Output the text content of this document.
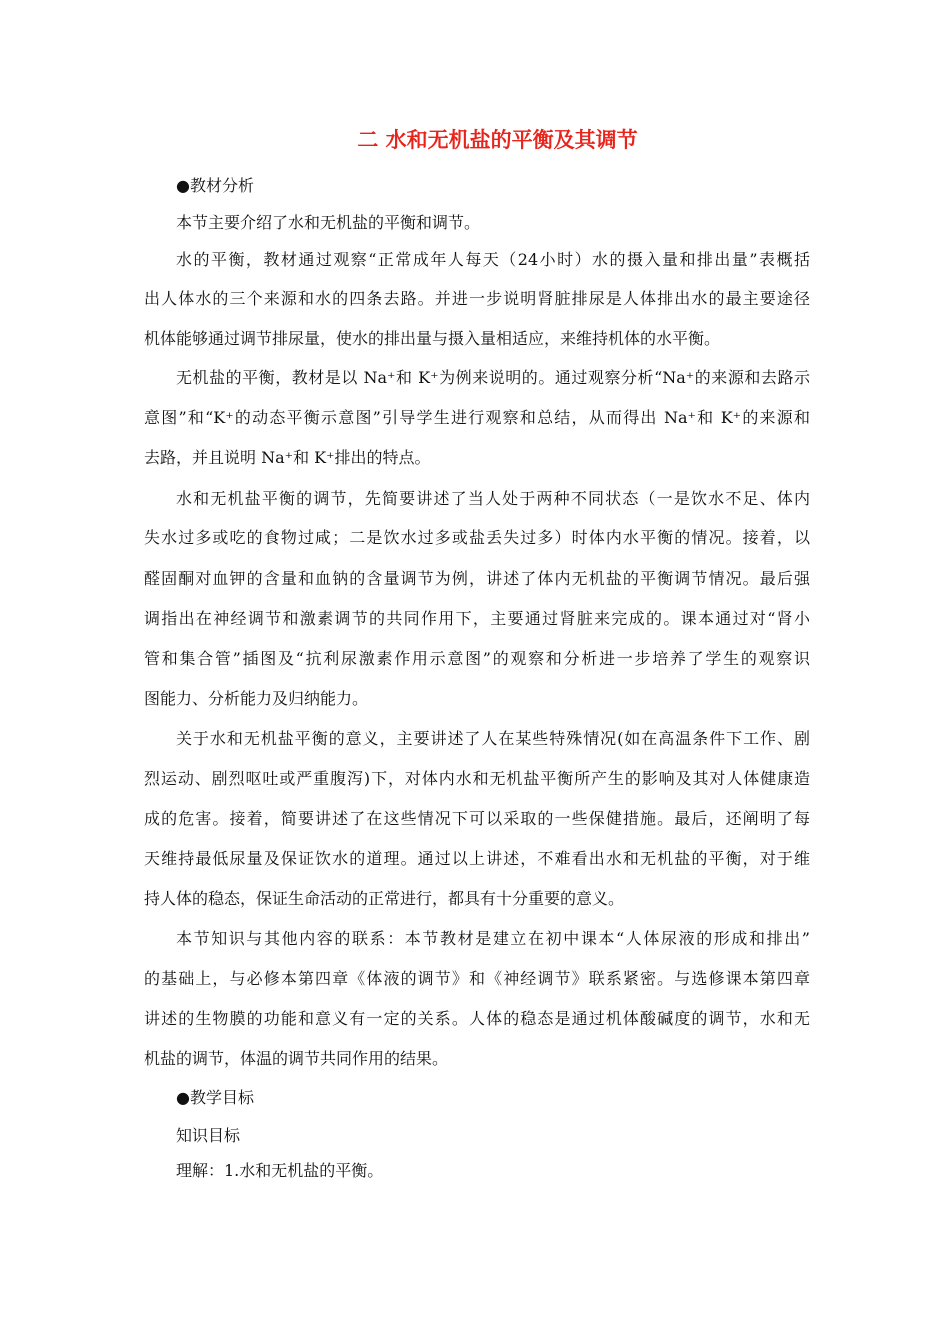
二 水和无机盐的平衡及其调节
●教材分析
本节主要介绍了水和无机盐的平衡和调节。
水的平衡，教材通过观察“正常成年人每天（24小时）水的摄入量和排出量”表概括
出人体水的三个来源和水的四条去路。并进一步说明肾脏排尿是人体排出水的最主要途径
机体能够通过调节排尿量，使水的排出量与摄入量相适应，来维持机体的水平衡。
无机盐的平衡，教材是以 Na⁺和 K⁺为例来说明的。通过观察分析“Na⁺的来源和去路示
意图”和“K⁺的动态平衡示意图”引导学生进行观察和总结，从而得出 Na⁺和 K⁺的来源和
去路，并且说明 Na⁺和 K⁺排出的特点。
水和无机盐平衡的调节，先简要讲述了当人处于两种不同状态（一是饮水不足、体内
失水过多或吃的食物过咸；二是饮水过多或盐丢失过多）时体内水平衡的情况。接着，以
醛固酮对血钾的含量和血钠的含量调节为例，讲述了体内无机盐的平衡调节情况。最后强
调指出在神经调节和激素调节的共同作用下，主要通过肾脏来完成的。课本通过对“肾小
管和集合管”插图及“抗利尿激素作用示意图”的观察和分析进一步培养了学生的观察识
图能力、分析能力及归纳能力。
关于水和无机盐平衡的意义，主要讲述了人在某些特殊情况(如在高温条件下工作、剧
烈运动、剧烈呕吐或严重腹泻)下，对体内水和无机盐平衡所产生的影响及其对人体健康造
成的危害。接着，简要讲述了在这些情况下可以采取的一些保健措施。最后，还阐明了每
天维持最低尿量及保证饮水的道理。通过以上讲述，不难看出水和无机盐的平衡，对于维
持人体的稳态，保证生命活动的正常进行，都具有十分重要的意义。
本节知识与其他内容的联系：本节教材是建立在初中课本“人体尿液的形成和排出”
的基础上，与必修本第四章《体液的调节》和《神经调节》联系紧密。与选修课本第四章
讲述的生物膜的功能和意义有一定的关系。人体的稳态是通过机体酸碱度的调节，水和无
机盐的调节，体温的调节共同作用的结果。
●教学目标
知识目标
理解：1.水和无机盐的平衡。
